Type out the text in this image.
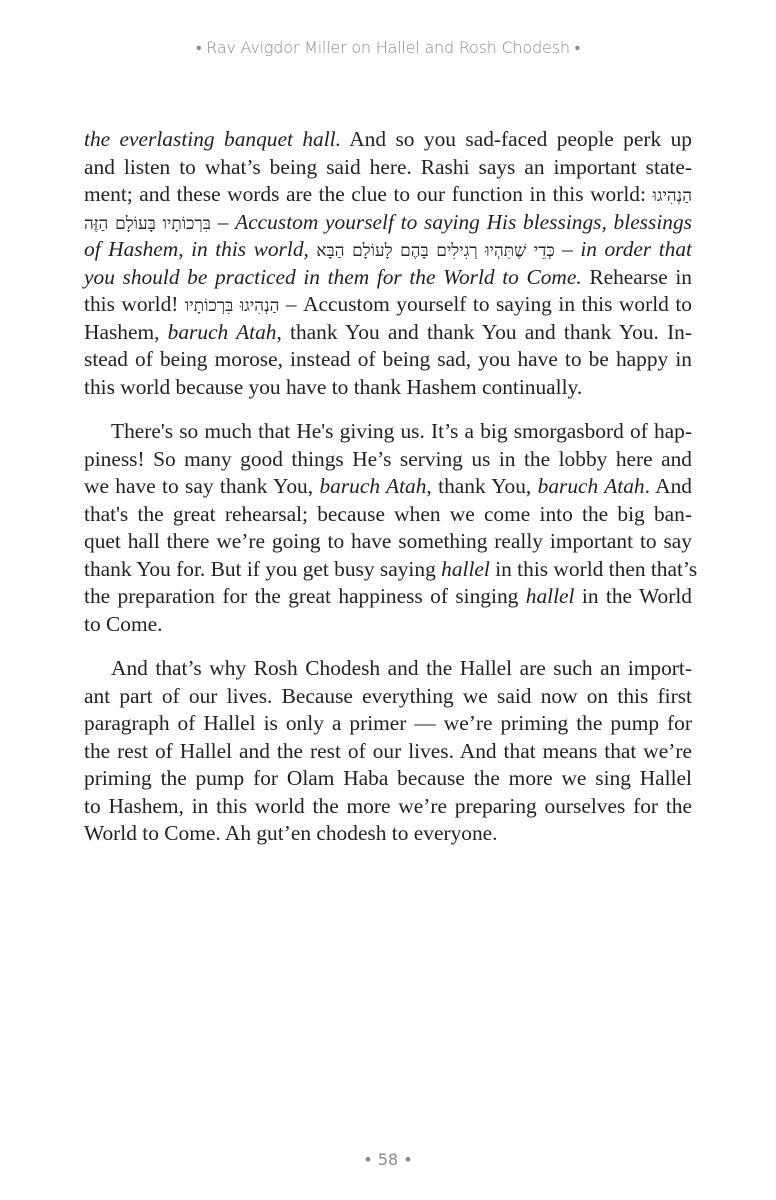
• Rav Avigdor Miller on Hallel and Rosh Chodesh •

the everlasting banquet hall. And so you sad-faced people perk up
and listen to what’s being said here. Rashi says an important state-
ment; and these words are the clue to our function in this world: הַנְהִיגוּ
בִּרְכוֹתָיו בָּעוֹלָם הַזֶּה – Accustom yourself to saying His blessings, blessings
of Hashem, in this world, כְּדֵי שֶׁתִּהְיוּ רְגִילִים בָּהֶם לָעוֹלָם הַבָּא – in order that
you should be practiced in them for the World to Come. Rehearse in
this world! הַנְהִיגוּ בִּרְכוֹתָיו – Accustom yourself to saying in this world to
Hashem, baruch Atah, thank You and thank You and thank You. In-
stead of being morose, instead of being sad, you have to be happy in
this world because you have to thank Hashem continually.

There's so much that He's giving us. It’s a big smorgasbord of hap-
piness! So many good things He’s serving us in the lobby here and
we have to say thank You, baruch Atah, thank You, baruch Atah. And
that's the great rehearsal; because when we come into the big ban-
quet hall there we’re going to have something really important to say
thank You for. But if you get busy saying hallel in this world then that’s
the preparation for the great happiness of singing hallel in the World
to Come.

And that’s why Rosh Chodesh and the Hallel are such an import-
ant part of our lives. Because everything we said now on this first
paragraph of Hallel is only a primer — we’re priming the pump for
the rest of Hallel and the rest of our lives. And that means that we’re
priming the pump for Olam Haba because the more we sing Hallel
to Hashem, in this world the more we’re preparing ourselves for the
World to Come. Ah gut’en chodesh to everyone.

• 58 •
